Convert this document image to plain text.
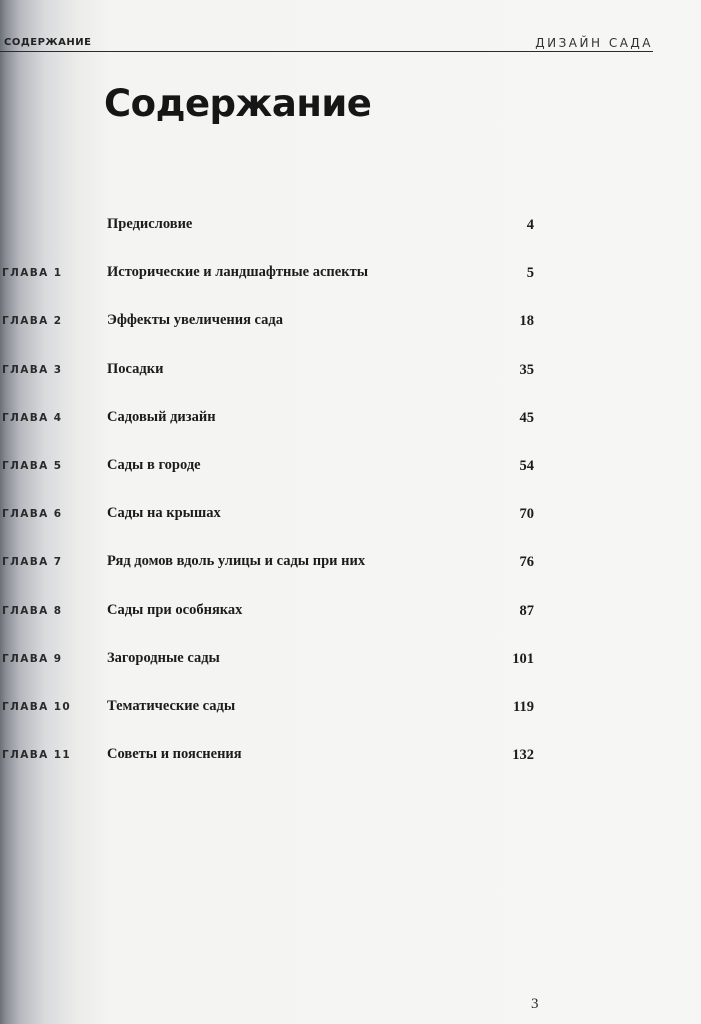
СОДЕРЖАНИЕ	ДИЗАЙН САДА
Содержание
Предисловие	4
ГЛАВА 1	Исторические и ландшафтные аспекты	5
ГЛАВА 2	Эффекты увеличения сада	18
ГЛАВА 3	Посадки	35
ГЛАВА 4	Садовый дизайн	45
ГЛАВА 5	Сады в городе	54
ГЛАВА 6	Сады на крышах	70
ГЛАВА 7	Ряд домов вдоль улицы и сады при них	76
ГЛАВА 8	Сады при особняках	87
ГЛАВА 9	Загородные сады	101
ГЛАВА 10 Тематические сады	119
ГЛАВА 11 Советы и пояснения	132
3
